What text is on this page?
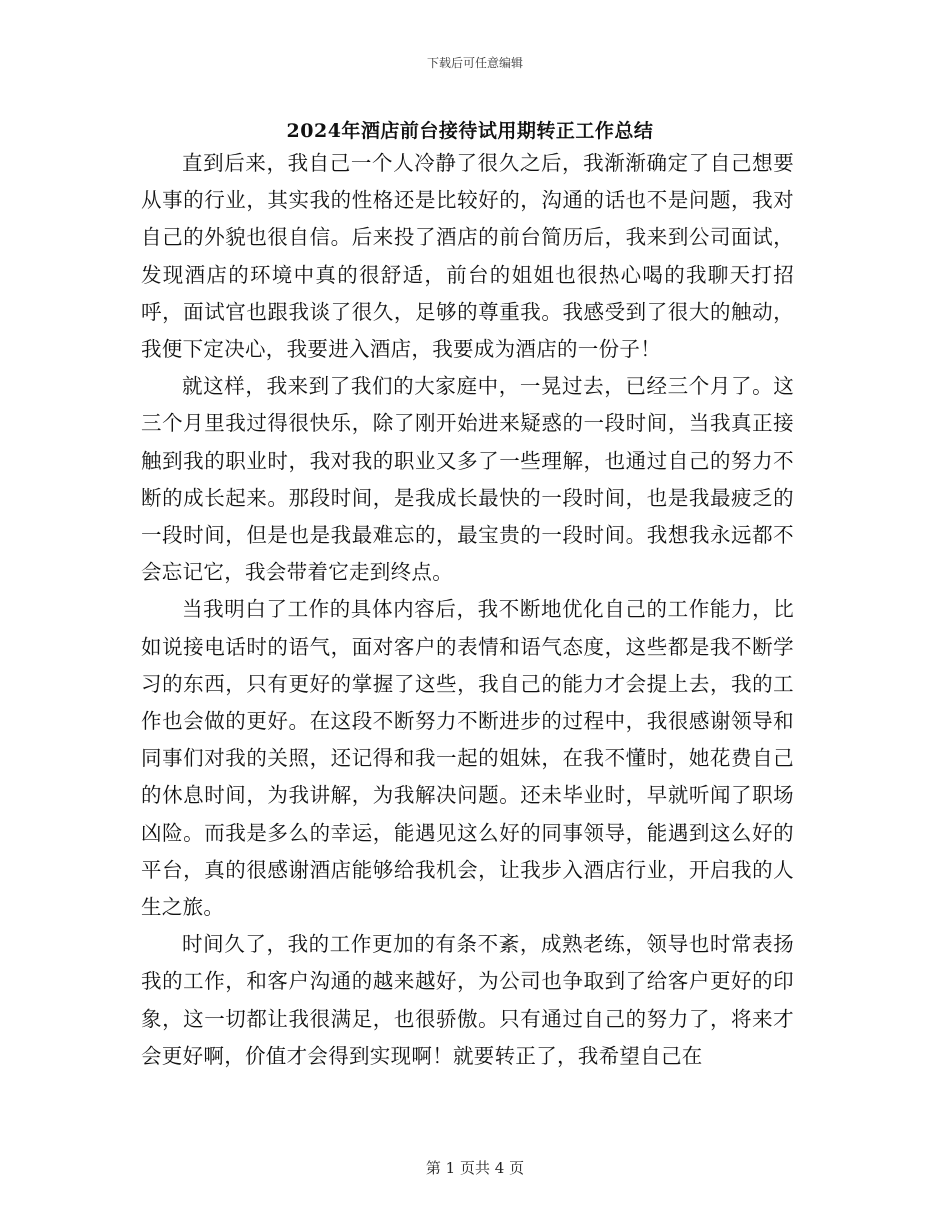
下载后可任意编辑
2024年酒店前台接待试用期转正工作总结

直到后来，我自己一个人冷静了很久之后，我渐渐确定了自己想要从事的行业，其实我的性格还是比较好的，沟通的话也不是问题，我对自己的外貌也很自信。后来投了酒店的前台简历后，我来到公司面试，发现酒店的环境中真的很舒适，前台的姐姐也很热心喝的我聊天打招呼，面试官也跟我谈了很久，足够的尊重我。我感受到了很大的触动，我便下定决心，我要进入酒店，我要成为酒店的一份子！

就这样，我来到了我们的大家庭中，一晃过去，已经三个月了。这三个月里我过得很快乐，除了刚开始进来疑惑的一段时间，当我真正接触到我的职业时，我对我的职业又多了一些理解，也通过自己的努力不断的成长起来。那段时间，是我成长最快的一段时间，也是我最疲乏的一段时间，但是也是我最难忘的，最宝贵的一段时间。我想我永远都不会忘记它，我会带着它走到终点。

当我明白了工作的具体内容后，我不断地优化自己的工作能力，比如说接电话时的语气，面对客户的表情和语气态度，这些都是我不断学习的东西，只有更好的掌握了这些，我自己的能力才会提上去，我的工作也会做的更好。在这段不断努力不断进步的过程中，我很感谢领导和同事们对我的关照，还记得和我一起的姐妹，在我不懂时，她花费自己的休息时间，为我讲解，为我解决问题。还未毕业时，早就听闻了职场凶险。而我是多么的幸运，能遇见这么好的同事领导，能遇到这么好的平台，真的很感谢酒店能够给我机会，让我步入酒店行业，开启我的人生之旅。

时间久了，我的工作更加的有条不紊，成熟老练，领导也时常表扬我的工作，和客户沟通的越来越好，为公司也争取到了给客户更好的印象，这一切都让我很满足，也很骄傲。只有通过自己的努力了，将来才会更好啊，价值才会得到实现啊！就要转正了，我希望自己在

第 1 页共 4 页
